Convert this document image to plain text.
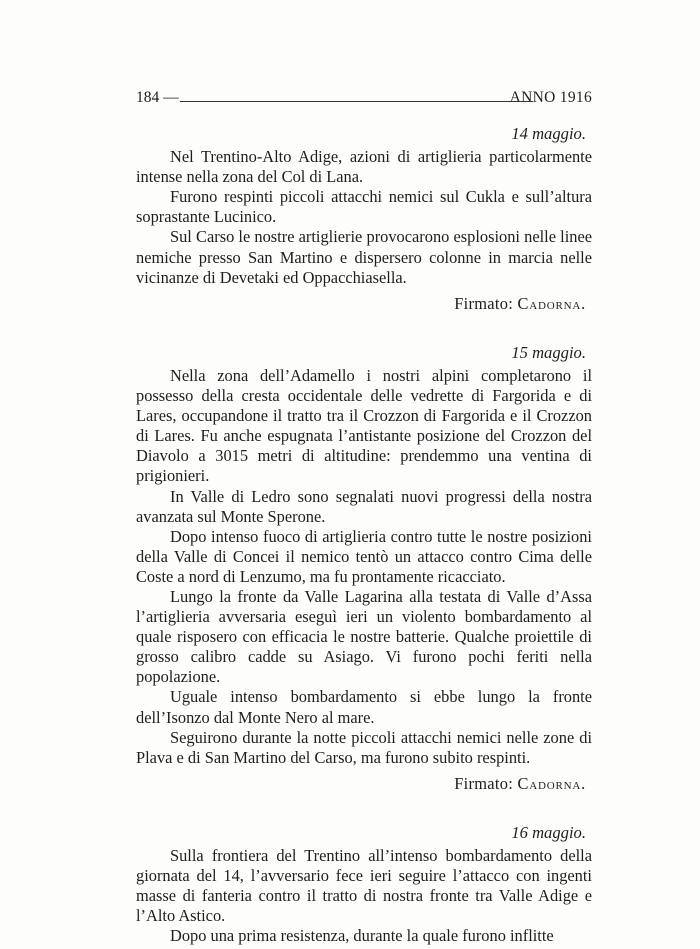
184 —	ANNO 1916
14 maggio.

Nel Trentino-Alto Adige, azioni di artiglieria particolarmente intense nella zona del Col di Lana.

Furono respinti piccoli attacchi nemici sul Cukla e sull’altura soprastante Lucinico.

Sul Carso le nostre artiglierie provocarono esplosioni nelle linee nemiche presso San Martino e dispersero colonne in marcia nelle vicinanze di Devetaki ed Oppacchiasella.

Firmato: Cadorna.
15 maggio.

Nella zona dell’Adamello i nostri alpini completarono il possesso della cresta occidentale delle vedrette di Fargorida e di Lares, occupandone il tratto tra il Crozzon di Fargorida e il Crozzon di Lares. Fu anche espugnata l’antistante posizione del Crozzon del Diavolo a 3015 metri di altitudine: prendemmo una ventina di prigionieri.

In Valle di Ledro sono segnalati nuovi progressi della nostra avanzata sul Monte Sperone.

Dopo intenso fuoco di artiglieria contro tutte le nostre posizioni della Valle di Concei il nemico tentò un attacco contro Cima delle Coste a nord di Lenzumo, ma fu prontamente ricacciato.

Lungo la fronte da Valle Lagarina alla testata di Valle d’Assa l’artiglieria avversaria eseguì ieri un violento bombardamento al quale risposero con efficacia le nostre batterie. Qualche proiettile di grosso calibro cadde su Asiago. Vi furono pochi feriti nella popolazione.

Uguale intenso bombardamento si ebbe lungo la fronte dell’Isonzo dal Monte Nero al mare.

Seguirono durante la notte piccoli attacchi nemici nelle zone di Plava e di San Martino del Carso, ma furono subito respinti.

Firmato: Cadorna.
16 maggio.

Sulla frontiera del Trentino all’intenso bombardamento della giornata del 14, l’avversario fece ieri seguire l’attacco con ingenti masse di fanteria contro il tratto di nostra fronte tra Valle Adige e l’Alto Astico.

Dopo una prima resistenza, durante la quale furono inflitte
